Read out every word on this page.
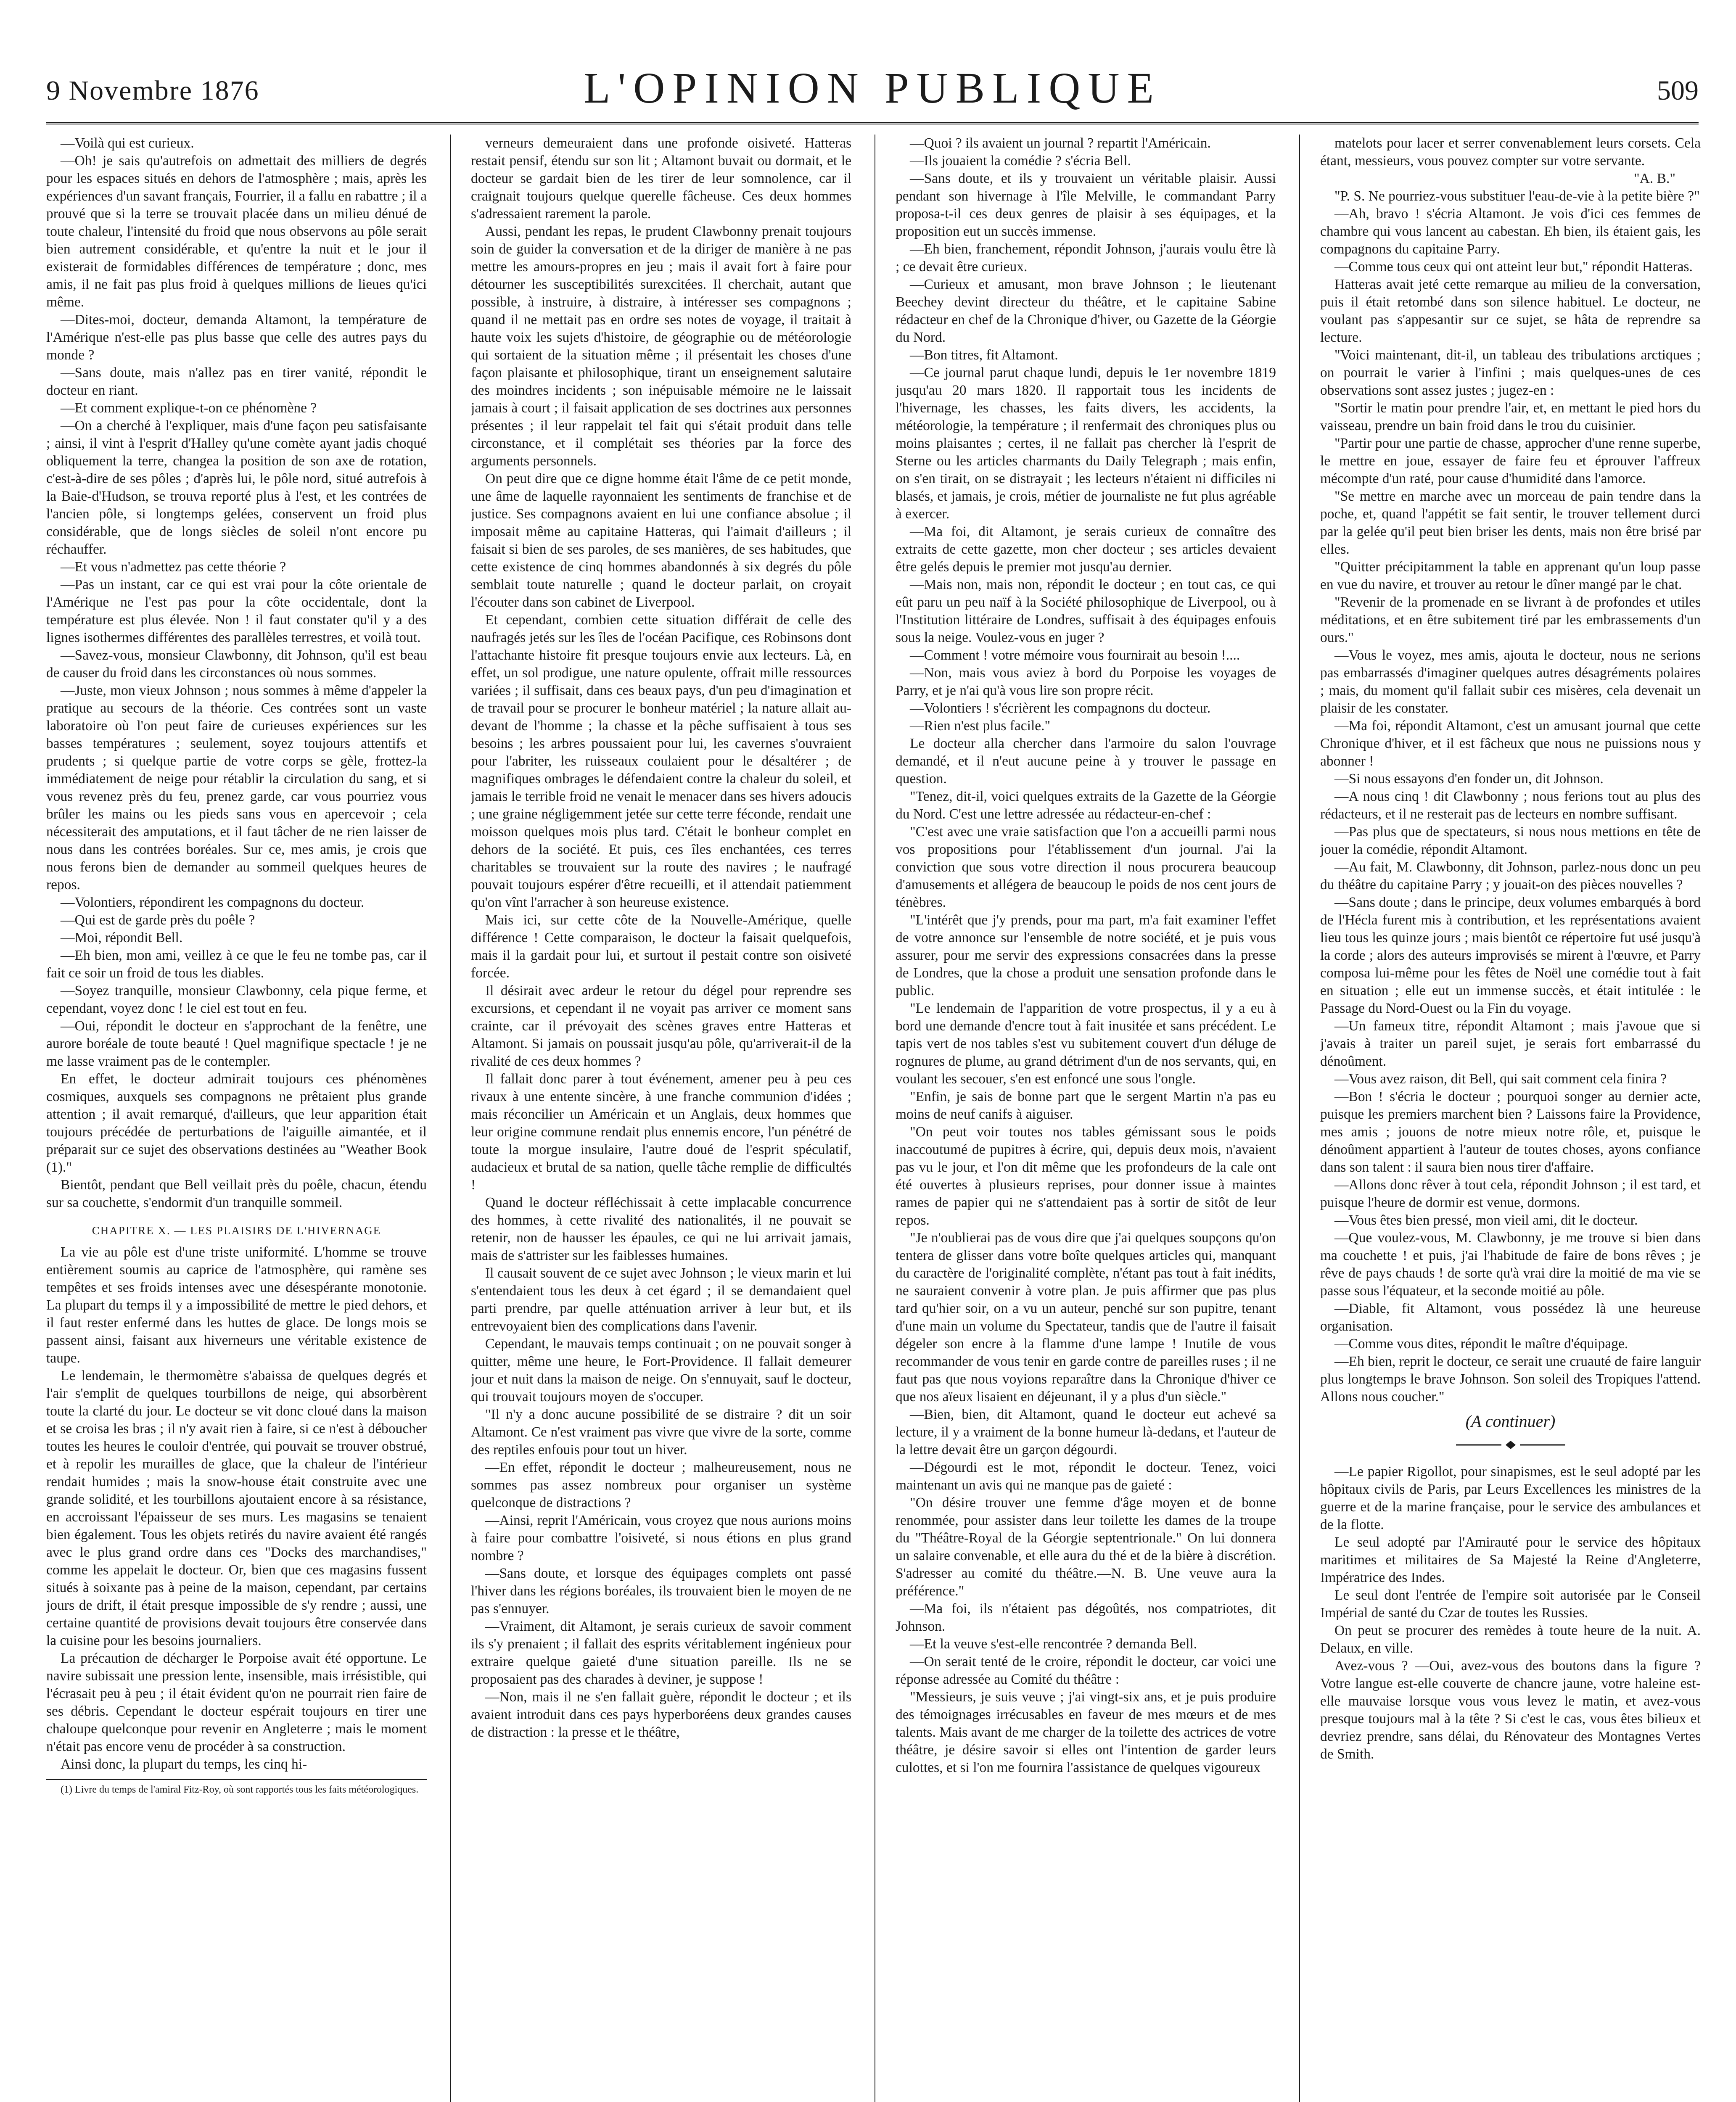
9 Novembre 1876	L'OPINION PUBLIQUE	509

—Voilà qui est curieux.

—Oh! je sais qu'autrefois on admettait des milliers de degrés pour les espaces situés en dehors de l'atmosphère ; mais, après les expériences d'un savant français, Fourrier, il a fallu en rabattre ; il a prouvé que si la terre se trouvait placée dans un milieu dénué de toute chaleur, l'intensité du froid que nous observons au pôle serait bien autrement considérable, et qu'entre la nuit et le jour il existerait de formidables différences de température ; donc, mes amis, il ne fait pas plus froid à quelques millions de lieues qu'ici même.

—Dites-moi, docteur, demanda Altamont, la température de l'Amérique n'est-elle pas plus basse que celle des autres pays du monde ?

—Sans doute, mais n'allez pas en tirer vanité, répondit le docteur en riant.

—Et comment explique-t-on ce phénomène ?

—On a cherché à l'expliquer, mais d'une façon peu satisfaisante ; ainsi, il vint à l'esprit d'Halley qu'une comète ayant jadis choqué obliquement la terre, changea la position de son axe de rotation, c'est-à-dire de ses pôles ; d'après lui, le pôle nord, situé autrefois à la Baie-d'Hudson, se trouva reporté plus à l'est, et les contrées de l'ancien pôle, si longtemps gelées, conservent un froid plus considérable, que de longs siècles de soleil n'ont encore pu réchauffer.

—Et vous n'admettez pas cette théorie ?

—Pas un instant, car ce qui est vrai pour la côte orientale de l'Amérique ne l'est pas pour la côte occidentale, dont la température est plus élevée. Non ! il faut constater qu'il y a des lignes isothermes différentes des parallèles terrestres, et voilà tout.

—Savez-vous, monsieur Clawbonny, dit Johnson, qu'il est beau de causer du froid dans les circonstances où nous sommes.

—Juste, mon vieux Johnson ; nous sommes à même d'appeler la pratique au secours de la théorie. Ces contrées sont un vaste laboratoire où l'on peut faire de curieuses expériences sur les basses températures ; seulement, soyez toujours attentifs et prudents ; si quelque partie de votre corps se gèle, frottez-la immédiatement de neige pour rétablir la circulation du sang, et si vous revenez près du feu, prenez garde, car vous pourriez vous brûler les mains ou les pieds sans vous en apercevoir ; cela nécessiterait des amputations, et il faut tâcher de ne rien laisser de nous dans les contrées boréales. Sur ce, mes amis, je crois que nous ferons bien de demander au sommeil quelques heures de repos.

—Volontiers, répondirent les compagnons du docteur.

—Qui est de garde près du poêle ?

—Moi, répondit Bell.

—Eh bien, mon ami, veillez à ce que le feu ne tombe pas, car il fait ce soir un froid de tous les diables.

—Soyez tranquille, monsieur Clawbonny, cela pique ferme, et cependant, voyez donc ! le ciel est tout en feu.

—Oui, répondit le docteur en s'approchant de la fenêtre, une aurore boréale de toute beauté ! Quel magnifique spectacle ! je ne me lasse vraiment pas de le contempler.

En effet, le docteur admirait toujours ces phénomènes cosmiques, auxquels ses compagnons ne prêtaient plus grande attention ; il avait remarqué, d'ailleurs, que leur apparition était toujours précédée de perturbations de l'aiguille aimantée, et il préparait sur ce sujet des observations destinées au "Weather Book (1)."

Bientôt, pendant que Bell veillait près du poêle, chacun, étendu sur sa couchette, s'endormit d'un tranquille sommeil.

CHAPITRE X. — LES PLAISIRS DE L'HIVERNAGE

La vie au pôle est d'une triste uniformité. L'homme se trouve entièrement soumis au caprice de l'atmosphère, qui ramène ses tempêtes et ses froids intenses avec une désespérante monotonie. La plupart du temps il y a impossibilité de mettre le pied dehors, et il faut rester enfermé dans les huttes de glace. De longs mois se passent ainsi, faisant aux hiverneurs une véritable existence de taupe.

Le lendemain, le thermomètre s'abaissa de quelques degrés et l'air s'emplit de quelques tourbillons de neige, qui absorbèrent toute la clarté du jour. Le docteur se vit donc cloué dans la maison et se croisa les bras ; il n'y avait rien à faire, si ce n'est à déboucher toutes les heures le couloir d'entrée, qui pouvait se trouver obstrué, et à repolir les murailles de glace, que la chaleur de l'intérieur rendait humides ; mais la snow-house était construite avec une grande solidité, et les tourbillons ajoutaient encore à sa résistance, en accroissant l'épaisseur de ses murs. Les magasins se tenaient bien également. Tous les objets retirés du navire avaient été rangés avec le plus grand ordre dans ces "Docks des marchandises," comme les appelait le docteur. Or, bien que ces magasins fussent situés à soixante pas à peine de la maison, cependant, par certains jours de drift, il était presque impossible de s'y rendre ; aussi, une certaine quantité de provisions devait toujours être conservée dans la cuisine pour les besoins journaliers.

La précaution de décharger le Porpoise avait été opportune. Le navire subissait une pression lente, insensible, mais irrésistible, qui l'écrasait peu à peu ; il était évident qu'on ne pourrait rien faire de ses débris. Cependant le docteur espérait toujours en tirer une chaloupe quelconque pour revenir en Angleterre ; mais le moment n'était pas encore venu de procéder à sa construction.

Ainsi donc, la plupart du temps, les cinq hi-

(1) Livre du temps de l'amiral Fitz-Roy, où sont rapportés tous les faits météorologiques.

verneurs demeuraient dans une profonde oisiveté. Hatteras restait pensif, étendu sur son lit ; Altamont buvait ou dormait, et le docteur se gardait bien de les tirer de leur somnolence, car il craignait toujours quelque querelle fâcheuse. Ces deux hommes s'adressaient rarement la parole.

Aussi, pendant les repas, le prudent Clawbonny prenait toujours soin de guider la conversation et de la diriger de manière à ne pas mettre les amours-propres en jeu ; mais il avait fort à faire pour détourner les susceptibilités surexcitées. Il cherchait, autant que possible, à instruire, à distraire, à intéresser ses compagnons ; quand il ne mettait pas en ordre ses notes de voyage, il traitait à haute voix les sujets d'histoire, de géographie ou de météorologie qui sortaient de la situation même ; il présentait les choses d'une façon plaisante et philosophique, tirant un enseignement salutaire des moindres incidents ; son inépuisable mémoire ne le laissait jamais à court ; il faisait application de ses doctrines aux personnes présentes ; il leur rappelait tel fait qui s'était produit dans telle circonstance, et il complétait ses théories par la force des arguments personnels.

On peut dire que ce digne homme était l'âme de ce petit monde, une âme de laquelle rayonnaient les sentiments de franchise et de justice. Ses compagnons avaient en lui une confiance absolue ; il imposait même au capitaine Hatteras, qui l'aimait d'ailleurs ; il faisait si bien de ses paroles, de ses manières, de ses habitudes, que cette existence de cinq hommes abandonnés à six degrés du pôle semblait toute naturelle ; quand le docteur parlait, on croyait l'écouter dans son cabinet de Liverpool.

Et cependant, combien cette situation différait de celle des naufragés jetés sur les îles de l'océan Pacifique, ces Robinsons dont l'attachante histoire fit presque toujours envie aux lecteurs. Là, en effet, un sol prodigue, une nature opulente, offrait mille ressources variées ; il suffisait, dans ces beaux pays, d'un peu d'imagination et de travail pour se procurer le bonheur matériel ; la nature allait au-devant de l'homme ; la chasse et la pêche suffisaient à tous ses besoins ; les arbres poussaient pour lui, les cavernes s'ouvraient pour l'abriter, les ruisseaux coulaient pour le désaltérer ; de magnifiques ombrages le défendaient contre la chaleur du soleil, et jamais le terrible froid ne venait le menacer dans ses hivers adoucis ; une graine négligemment jetée sur cette terre féconde, rendait une moisson quelques mois plus tard. C'était le bonheur complet en dehors de la société. Et puis, ces îles enchantées, ces terres charitables se trouvaient sur la route des navires ; le naufragé pouvait toujours espérer d'être recueilli, et il attendait patiemment qu'on vînt l'arracher à son heureuse existence.

Mais ici, sur cette côte de la Nouvelle-Amérique, quelle différence ! Cette comparaison, le docteur la faisait quelquefois, mais il la gardait pour lui, et surtout il pestait contre son oisiveté forcée.

Il désirait avec ardeur le retour du dégel pour reprendre ses excursions, et cependant il ne voyait pas arriver ce moment sans crainte, car il prévoyait des scènes graves entre Hatteras et Altamont. Si jamais on poussait jusqu'au pôle, qu'arriverait-il de la rivalité de ces deux hommes ?

Il fallait donc parer à tout événement, amener peu à peu ces rivaux à une entente sincère, à une franche communion d'idées ; mais réconcilier un Américain et un Anglais, deux hommes que leur origine commune rendait plus ennemis encore, l'un pénétré de toute la morgue insulaire, l'autre doué de l'esprit spéculatif, audacieux et brutal de sa nation, quelle tâche remplie de difficultés !

Quand le docteur réfléchissait à cette implacable concurrence des hommes, à cette rivalité des nationalités, il ne pouvait se retenir, non de hausser les épaules, ce qui ne lui arrivait jamais, mais de s'attrister sur les faiblesses humaines.

Il causait souvent de ce sujet avec Johnson ; le vieux marin et lui s'entendaient tous les deux à cet égard ; il se demandaient quel parti prendre, par quelle atténuation arriver à leur but, et ils entrevoyaient bien des complications dans l'avenir.

Cependant, le mauvais temps continuait ; on ne pouvait songer à quitter, même une heure, le Fort-Providence. Il fallait demeurer jour et nuit dans la maison de neige. On s'ennuyait, sauf le docteur, qui trouvait toujours moyen de s'occuper.

"Il n'y a donc aucune possibilité de se distraire ? dit un soir Altamont. Ce n'est vraiment pas vivre que vivre de la sorte, comme des reptiles enfouis pour tout un hiver.

—En effet, répondit le docteur ; malheureusement, nous ne sommes pas assez nombreux pour organiser un système quelconque de distractions ?

—Ainsi, reprit l'Américain, vous croyez que nous aurions moins à faire pour combattre l'oisiveté, si nous étions en plus grand nombre ?

—Sans doute, et lorsque des équipages complets ont passé l'hiver dans les régions boréales, ils trouvaient bien le moyen de ne pas s'ennuyer.

—Vraiment, dit Altamont, je serais curieux de savoir comment ils s'y prenaient ; il fallait des esprits véritablement ingénieux pour extraire quelque gaieté d'une situation pareille. Ils ne se proposaient pas des charades à deviner, je suppose !

—Non, mais il ne s'en fallait guère, répondit le docteur ; et ils avaient introduit dans ces pays hyperboréens deux grandes causes de distraction : la presse et le théâtre,

—Quoi ? ils avaient un journal ? repartit l'Américain.

—Ils jouaient la comédie ? s'écria Bell.

—Sans doute, et ils y trouvaient un véritable plaisir. Aussi pendant son hivernage à l'île Melville, le commandant Parry proposa-t-il ces deux genres de plaisir à ses équipages, et la proposition eut un succès immense.

—Eh bien, franchement, répondit Johnson, j'aurais voulu être là ; ce devait être curieux.

—Curieux et amusant, mon brave Johnson ; le lieutenant Beechey devint directeur du théâtre, et le capitaine Sabine rédacteur en chef de la Chronique d'hiver, ou Gazette de la Géorgie du Nord.

—Bon titres, fit Altamont.

—Ce journal parut chaque lundi, depuis le 1er novembre 1819 jusqu'au 20 mars 1820. Il rapportait tous les incidents de l'hivernage, les chasses, les faits divers, les accidents, la météorologie, la température ; il renfermait des chroniques plus ou moins plaisantes ; certes, il ne fallait pas chercher là l'esprit de Sterne ou les articles charmants du Daily Telegraph ; mais enfin, on s'en tirait, on se distrayait ; les lecteurs n'étaient ni difficiles ni blasés, et jamais, je crois, métier de journaliste ne fut plus agréable à exercer.

—Ma foi, dit Altamont, je serais curieux de connaître des extraits de cette gazette, mon cher docteur ; ses articles devaient être gelés depuis le premier mot jusqu'au dernier.

—Mais non, mais non, répondit le docteur ; en tout cas, ce qui eût paru un peu naïf à la Société philosophique de Liverpool, ou à l'Institution littéraire de Londres, suffisait à des équipages enfouis sous la neige. Voulez-vous en juger ?

—Comment ! votre mémoire vous fournirait au besoin !....

—Non, mais vous aviez à bord du Porpoise les voyages de Parry, et je n'ai qu'à vous lire son propre récit.

—Volontiers ! s'écrièrent les compagnons du docteur.

—Rien n'est plus facile."

Le docteur alla chercher dans l'armoire du salon l'ouvrage demandé, et il n'eut aucune peine à y trouver le passage en question.

"Tenez, dit-il, voici quelques extraits de la Gazette de la Géorgie du Nord. C'est une lettre adressée au rédacteur-en-chef :

"C'est avec une vraie satisfaction que l'on a accueilli parmi nous vos propositions pour l'établissement d'un journal. J'ai la conviction que sous votre direction il nous procurera beaucoup d'amusements et allégera de beaucoup le poids de nos cent jours de ténèbres.

"L'intérêt que j'y prends, pour ma part, m'a fait examiner l'effet de votre annonce sur l'ensemble de notre société, et je puis vous assurer, pour me servir des expressions consacrées dans la presse de Londres, que la chose a produit une sensation profonde dans le public.

"Le lendemain de l'apparition de votre prospectus, il y a eu à bord une demande d'encre tout à fait inusitée et sans précédent. Le tapis vert de nos tables s'est vu subitement couvert d'un déluge de rognures de plume, au grand détriment d'un de nos servants, qui, en voulant les secouer, s'en est enfoncé une sous l'ongle.

"Enfin, je sais de bonne part que le sergent Martin n'a pas eu moins de neuf canifs à aiguiser.

"On peut voir toutes nos tables gémissant sous le poids inaccoutumé de pupitres à écrire, qui, depuis deux mois, n'avaient pas vu le jour, et l'on dit même que les profondeurs de la cale ont été ouvertes à plusieurs reprises, pour donner issue à maintes rames de papier qui ne s'attendaient pas à sortir de sitôt de leur repos.

"Je n'oublierai pas de vous dire que j'ai quelques soupçons qu'on tentera de glisser dans votre boîte quelques articles qui, manquant du caractère de l'originalité complète, n'étant pas tout à fait inédits, ne sauraient convenir à votre plan. Je puis affirmer que pas plus tard qu'hier soir, on a vu un auteur, penché sur son pupitre, tenant d'une main un volume du Spectateur, tandis que de l'autre il faisait dégeler son encre à la flamme d'une lampe ! Inutile de vous recommander de vous tenir en garde contre de pareilles ruses ; il ne faut pas que nous voyions reparaître dans la Chronique d'hiver ce que nos aïeux lisaient en déjeunant, il y a plus d'un siècle."

—Bien, bien, dit Altamont, quand le docteur eut achevé sa lecture, il y a vraiment de la bonne humeur là-dedans, et l'auteur de la lettre devait être un garçon dégourdi.

—Dégourdi est le mot, répondit le docteur. Tenez, voici maintenant un avis qui ne manque pas de gaieté :

"On désire trouver une femme d'âge moyen et de bonne renommée, pour assister dans leur toilette les dames de la troupe du "Théâtre-Royal de la Géorgie septentrionale." On lui donnera un salaire convenable, et elle aura du thé et de la bière à discrétion. S'adresser au comité du théâtre.—N. B. Une veuve aura la préférence."

—Ma foi, ils n'étaient pas dégoûtés, nos compatriotes, dit Johnson.

—Et la veuve s'est-elle rencontrée ? demanda Bell.

—On serait tenté de le croire, répondit le docteur, car voici une réponse adressée au Comité du théâtre :

"Messieurs, je suis veuve ; j'ai vingt-six ans, et je puis produire des témoignages irrécusables en faveur de mes mœurs et de mes talents. Mais avant de me charger de la toilette des actrices de votre théâtre, je désire savoir si elles ont l'intention de garder leurs culottes, et si l'on me fournira l'assistance de quelques vigoureux

matelots pour lacer et serrer convenablement leurs corsets. Cela étant, messieurs, vous pouvez compter sur votre servante.

"A. B."

"P. S. Ne pourriez-vous substituer l'eau-de-vie à la petite bière ?"

—Ah, bravo ! s'écria Altamont. Je vois d'ici ces femmes de chambre qui vous lancent au cabestan. Eh bien, ils étaient gais, les compagnons du capitaine Parry.

—Comme tous ceux qui ont atteint leur but," répondit Hatteras.

Hatteras avait jeté cette remarque au milieu de la conversation, puis il était retombé dans son silence habituel. Le docteur, ne voulant pas s'appesantir sur ce sujet, se hâta de reprendre sa lecture.

"Voici maintenant, dit-il, un tableau des tribulations arctiques ; on pourrait le varier à l'infini ; mais quelques-unes de ces observations sont assez justes ; jugez-en :

"Sortir le matin pour prendre l'air, et, en mettant le pied hors du vaisseau, prendre un bain froid dans le trou du cuisinier.

"Partir pour une partie de chasse, approcher d'une renne superbe, le mettre en joue, essayer de faire feu et éprouver l'affreux mécompte d'un raté, pour cause d'humidité dans l'amorce.

"Se mettre en marche avec un morceau de pain tendre dans la poche, et, quand l'appétit se fait sentir, le trouver tellement durci par la gelée qu'il peut bien briser les dents, mais non être brisé par elles.

"Quitter précipitamment la table en apprenant qu'un loup passe en vue du navire, et trouver au retour le dîner mangé par le chat.

"Revenir de la promenade en se livrant à de profondes et utiles méditations, et en être subitement tiré par les embrassements d'un ours."

—Vous le voyez, mes amis, ajouta le docteur, nous ne serions pas embarrassés d'imaginer quelques autres désagréments polaires ; mais, du moment qu'il fallait subir ces misères, cela devenait un plaisir de les constater.

—Ma foi, répondit Altamont, c'est un amusant journal que cette Chronique d'hiver, et il est fâcheux que nous ne puissions nous y abonner !

—Si nous essayons d'en fonder un, dit Johnson.

—A nous cinq ! dit Clawbonny ; nous ferions tout au plus des rédacteurs, et il ne resterait pas de lecteurs en nombre suffisant.

—Pas plus que de spectateurs, si nous nous mettions en tête de jouer la comédie, répondit Altamont.

—Au fait, M. Clawbonny, dit Johnson, parlez-nous donc un peu du théâtre du capitaine Parry ; y jouait-on des pièces nouvelles ?

—Sans doute ; dans le principe, deux volumes embarqués à bord de l'Hécla furent mis à contribution, et les représentations avaient lieu tous les quinze jours ; mais bientôt ce répertoire fut usé jusqu'à la corde ; alors des auteurs improvisés se mirent à l'œuvre, et Parry composa lui-même pour les fêtes de Noël une comédie tout à fait en situation ; elle eut un immense succès, et était intitulée : le Passage du Nord-Ouest ou la Fin du voyage.

—Un fameux titre, répondit Altamont ; mais j'avoue que si j'avais à traiter un pareil sujet, je serais fort embarrassé du dénoûment.

—Vous avez raison, dit Bell, qui sait comment cela finira ?

—Bon ! s'écria le docteur ; pourquoi songer au dernier acte, puisque les premiers marchent bien ? Laissons faire la Providence, mes amis ; jouons de notre mieux notre rôle, et, puisque le dénoûment appartient à l'auteur de toutes choses, ayons confiance dans son talent : il saura bien nous tirer d'affaire.

—Allons donc rêver à tout cela, répondit Johnson ; il est tard, et puisque l'heure de dormir est venue, dormons.

—Vous êtes bien pressé, mon vieil ami, dit le docteur.

—Que voulez-vous, M. Clawbonny, je me trouve si bien dans ma couchette ! et puis, j'ai l'habitude de faire de bons rêves ; je rêve de pays chauds ! de sorte qu'à vrai dire la moitié de ma vie se passe sous l'équateur, et la seconde moitié au pôle.

—Diable, fit Altamont, vous possédez là une heureuse organisation.

—Comme vous dites, répondit le maître d'équipage.

—Eh bien, reprit le docteur, ce serait une cruauté de faire languir plus longtemps le brave Johnson. Son soleil des Tropiques l'attend. Allons nous coucher."

(A continuer)

—Le papier Rigollot, pour sinapismes, est le seul adopté par les hôpitaux civils de Paris, par Leurs Excellences les ministres de la guerre et de la marine française, pour le service des ambulances et de la flotte.

Le seul adopté par l'Amirauté pour le service des hôpitaux maritimes et militaires de Sa Majesté la Reine d'Angleterre, Impératrice des Indes.

Le seul dont l'entrée de l'empire soit autorisée par le Conseil Impérial de santé du Czar de toutes les Russies.

On peut se procurer des remèdes à toute heure de la nuit. A. Delaux, en ville.

Avez-vous ? —Oui, avez-vous des boutons dans la figure ? Votre langue est-elle couverte de chancre jaune, votre haleine est-elle mauvaise lorsque vous vous levez le matin, et avez-vous presque toujours mal à la tête ? Si c'est le cas, vous êtes bilieux et devriez prendre, sans délai, du Rénovateur des Montagnes Vertes de Smith.
